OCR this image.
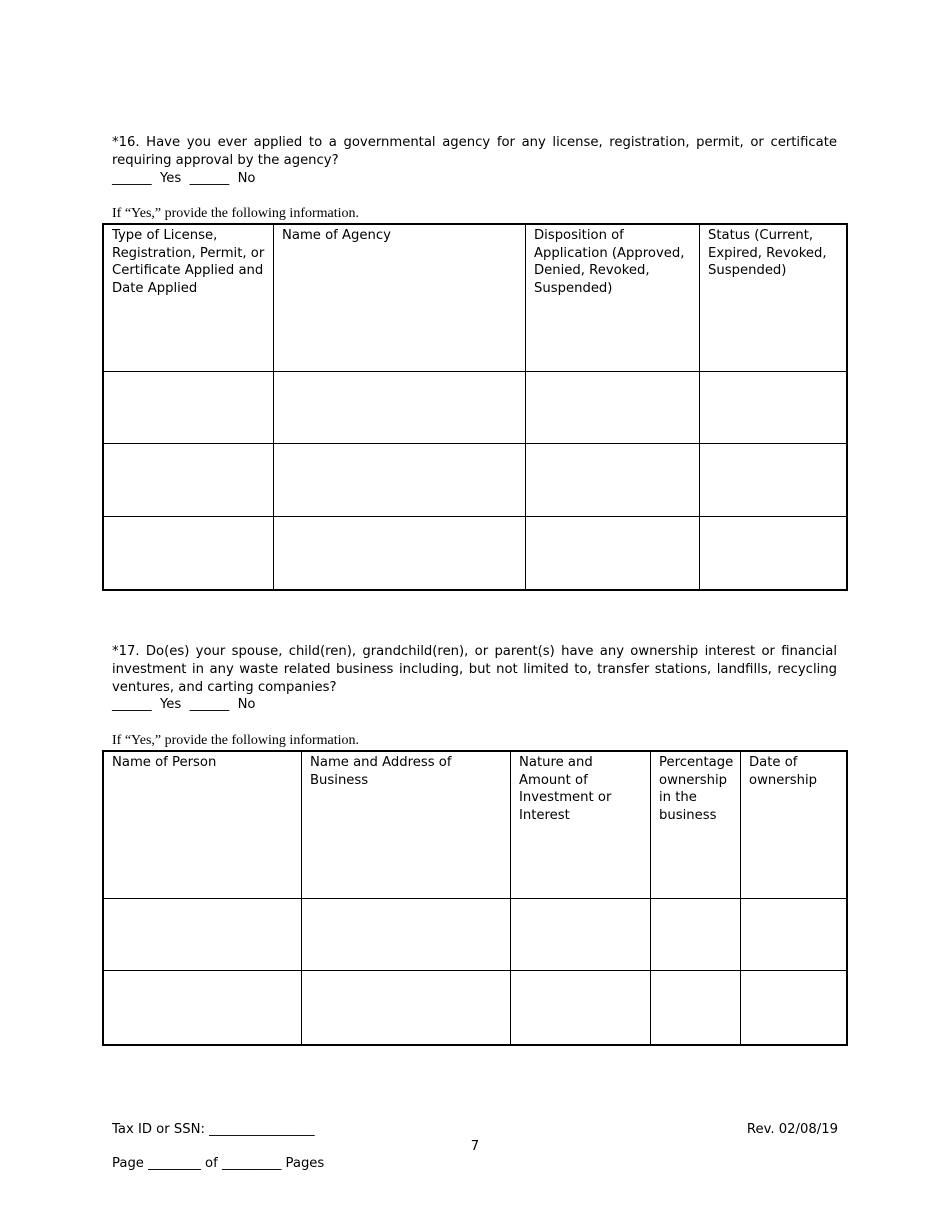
*16. Have you ever applied to a governmental agency for any license, registration, permit, or certificate requiring approval by the agency?

______  Yes  ______  No
If “Yes,” provide the following information.
Type of License, Registration, Permit, or Certificate Applied and Date Applied	Name of Agency	Disposition of Application (Approved, Denied, Revoked, Suspended)	Status (Current, Expired, Revoked, Suspended)

*17. Do(es) your spouse, child(ren), grandchild(ren), or parent(s) have any ownership interest or financial investment in any waste related business including, but not limited to, transfer stations, landfills, recycling ventures, and carting companies?

______  Yes  ______  No
If “Yes,” provide the following information.
Name of Person	Name and Address of Business	Nature and Amount of Investment or Interest	Percentage ownership in the business	Date of ownership

Tax ID or SSN: ________________	Rev. 02/08/19
7
Page ________ of _________ Pages
